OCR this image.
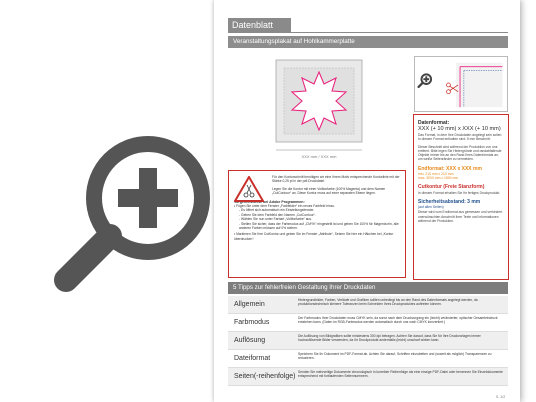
Datenblatt
Veranstaltungsplakat auf Hohlkammerplatte
XXX mm / XXX mm

Für den Konturschnitt benötigen wir eine Ihrem Motiv entsprechende Konturlinie mit der Stärke 0,25 pt in der pdf-Druckdatei.

Legen Sie die Kontur mit einer Volltonfarbe (100% Magenta) und dem Namen „CutContour“ an. Diese Kontur muss auf einer separaten Ebene liegen.

Vorgehensweise bei Adobe Programmen:

• Fügen Sie unter dem Fenster „Farbfelder“ ein neues Farbfeld hinzu.

- Es öffnet sich automatisch ein Einstellungsfenster.

- Geben Sie dem Farbfeld den Namen „CutContour“.

- Wählen Sie nun unter Farbart „Vollfonfarbe“ aus.

- Stellen Sie sicher, dass der Farbmodus auf „CMYK“ eingestellt ist und geben Sie 100% für Magenta ein, alle anderen Farben müssen auf 0% stehen.

• Markieren Sie Ihre CutKontur und geben Sie im Fenster „Attribute“, Setzen Sie hier ein Häkchen bei „Kontur überdrucken“.

Datenformat:
XXX (+ 10 mm) x XXX (+ 10 mm)
Das Format, in dem Ihre Druckdaten angelegt sein sollen. In diesem Format enthalten sind: 5 mm Beschnitt.
Dieser Beschnitt wird während der Produktion von uns entfernt. Bitte legen Sie Hintergründe und randabfallende Objekte immer bis an den Rand Ihres Datenformats an, um weiße Seitenränder zu vermeiden.
Endformat: XXX x XXX mm
min. 210 mm x 210 mm
max. 3000 mm x 1500 mm
Cutkontur (Freie Stanzform)
In diesem Format erhalten Sie Ihr fertiges Druckprodukt.
Sicherheitsabstand: 3 mm
(auf allen Seiten)
Dieser wird vom Endformat aus gemessen und verhindert unerwünschten Anschnitt Ihrer Texte und Informationen während der Produktion.
5 Tipps zur fehlerfreien Gestaltung Ihrer Druckdaten
Allgemein
Hintergrundbilder, Farben, Verläufe und Grafiken sollten unbedingt bis an den Rand des Datenformats angelegt werden, da produktionstechnisch kleinere Toleranzen beim Schneiden Ihres Druckproduktes auftreten können.
Farbmodus
Der Farbmodus Ihrer Druckdaten muss CMYK sein, da sonst nach dem Druckvorgang ein (leicht) veränderter, optischer Gesamteindruck entstehen kann. (Daten im RGB-Farbmodus werden automatisch durch uns nach CMYK konvertiert.)
Auflösung
Die Auflösung von Bildgrafiken sollte mindestens 300 dpi betragen. Achten Sie darauf, dass Sie für Ihre Druckvorlagen immer hochauflösende Bilder verwenden, da Ihr Druckprodukt andernfalls (leicht) unscharf wirken kann.
Dateiformat
Speichern Sie Ihr Dokument im PDF-Format ab. Achten Sie darauf, Schriften einzubetten und (soweit als möglich) Transparenzen zu reduzieren.
Seiten(-reihenfolge)
Senden Sie mehrseitige Dokumente chronologisch in korrekter Reihenfolge als eine einzige PDF-Datei oder benennen Sie Einzeldokumente entsprechend mit fortlaufenden Seitennummern.
S. 1/2
